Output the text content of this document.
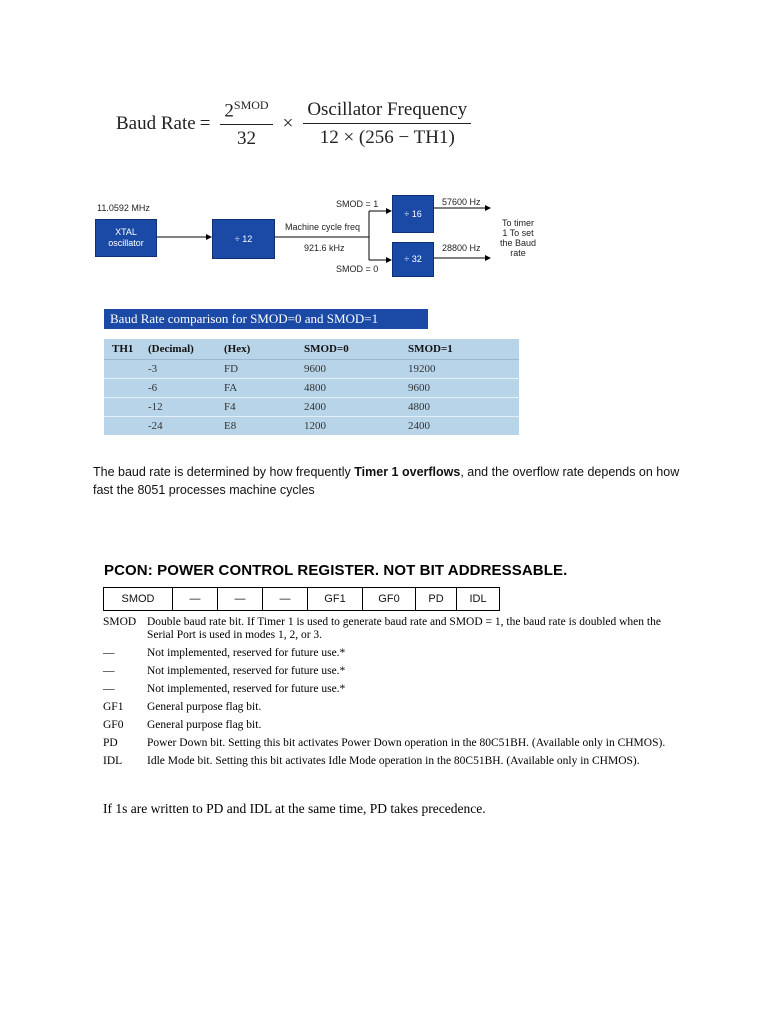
Baud Rate = $\frac{2^{SMOD}}{32} \times \frac{\text{Oscillator Frequency}}{12 \times (256 - TH1)}$
11.0592 MHz
XTAL
oscillator	÷ 12
Machine cycle freq
921.6 kHz
SMOD = 1
SMOD = 0
÷ 16
÷ 32
57600 Hz
28800 Hz
To timer
1 To set
the Baud
rate
Baud Rate comparison for SMOD=0 and SMOD=1
TH1	(Decimal)	(Hex)	SMOD=0	SMOD=1
	-3	FD	9600	19200
	-6	FA	4800	9600
	-12	F4	2400	4800
	-24	E8	1200	2400

The baud rate is determined by how frequently Timer 1 overflows, and the overflow rate depends on how fast the 8051 processes machine cycles

PCON: POWER CONTROL REGISTER. NOT BIT ADDRESSABLE.
SMOD	—	—	—	GF1	GF0	PD	IDL
SMOD Double baud rate bit. If Timer 1 is used to generate baud rate and SMOD = 1, the baud rate is doubled when the Serial Port is used in modes 1, 2, or 3.
—	Not implemented, reserved for future use.*
—	Not implemented, reserved for future use.*
—	Not implemented, reserved for future use.*
GF1	General purpose flag bit.
GF0	General purpose flag bit.
PD	Power Down bit. Setting this bit activates Power Down operation in the 80C51BH. (Available only in CHMOS).
IDL	Idle Mode bit. Setting this bit activates Idle Mode operation in the 80C51BH. (Available only in CHMOS).
If 1s are written to PD and IDL at the same time, PD takes precedence.
